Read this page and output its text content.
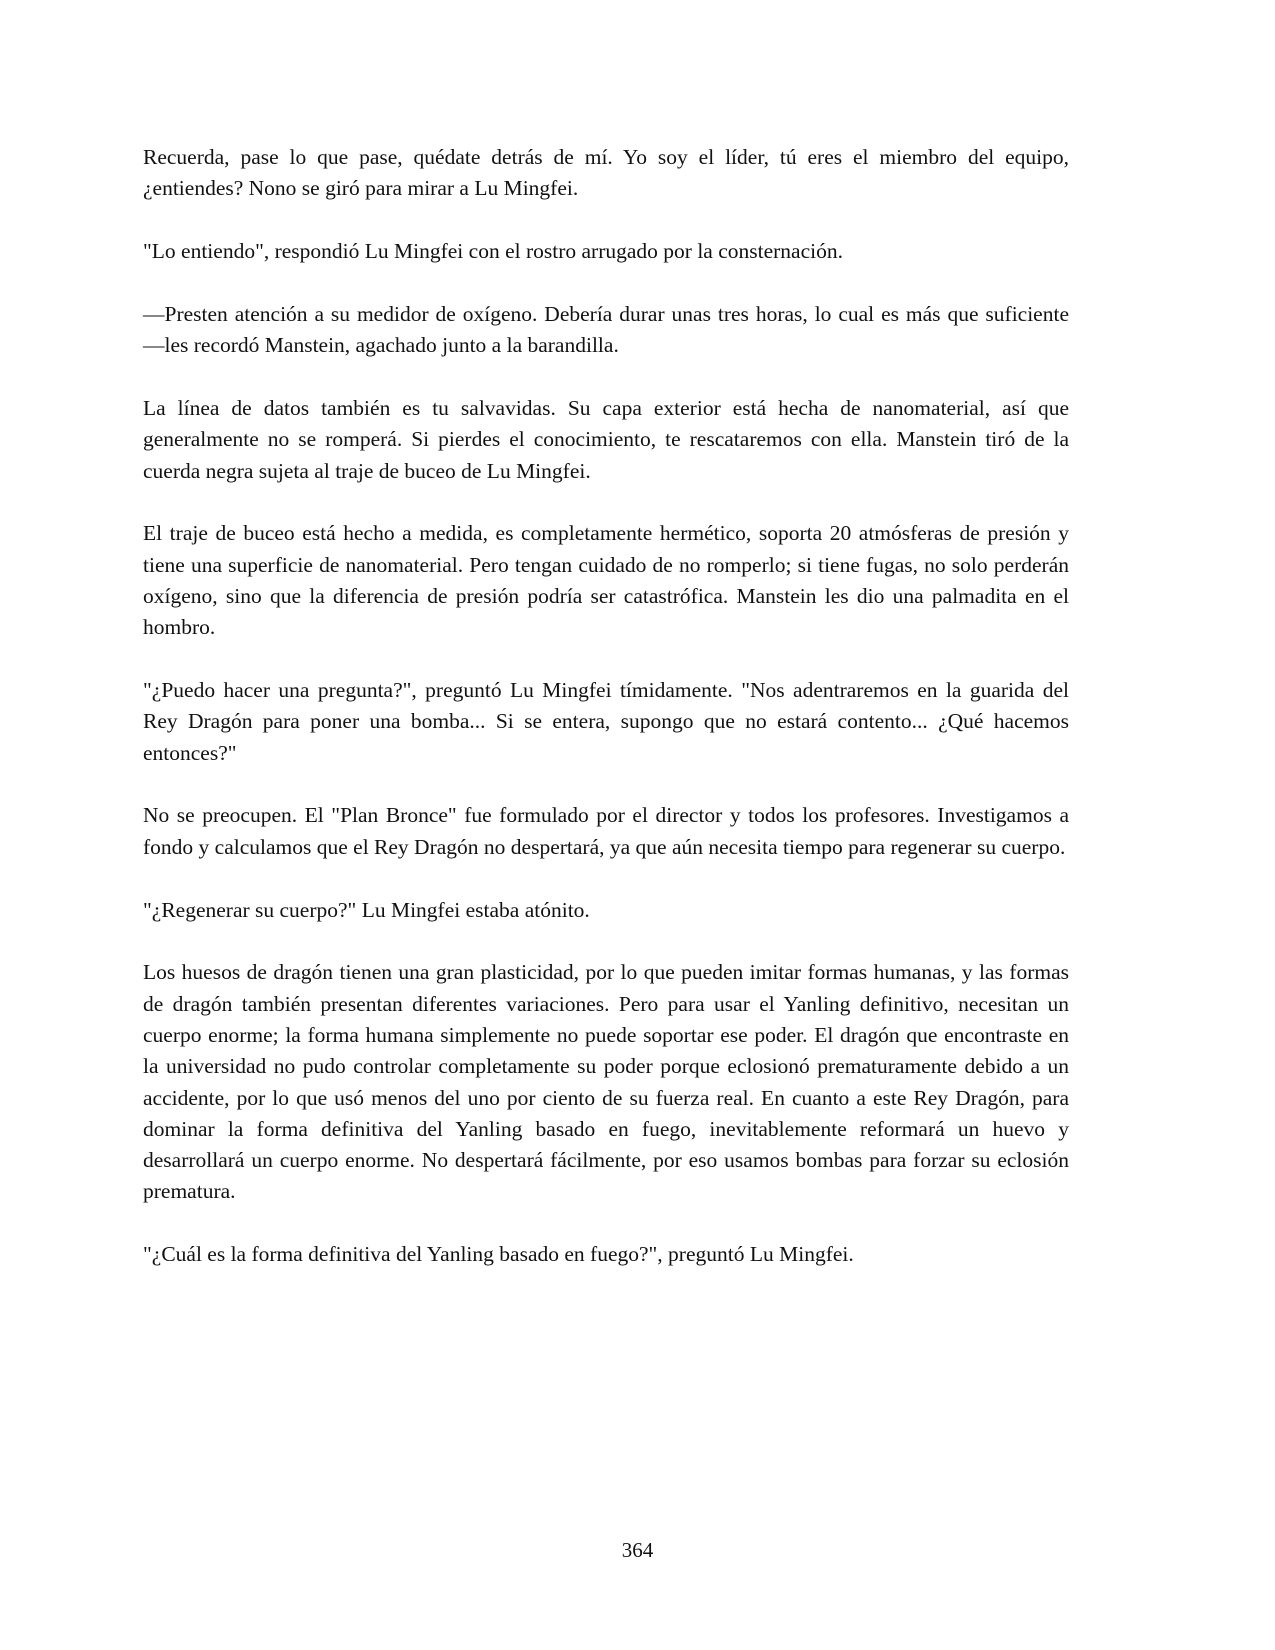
Recuerda, pase lo que pase, quédate detrás de mí. Yo soy el líder, tú eres el miembro del equipo, ¿entiendes? Nono se giró para mirar a Lu Mingfei.

"Lo entiendo", respondió Lu Mingfei con el rostro arrugado por la consternación.

—Presten atención a su medidor de oxígeno. Debería durar unas tres horas, lo cual es más que suficiente —les recordó Manstein, agachado junto a la barandilla.

La línea de datos también es tu salvavidas. Su capa exterior está hecha de nanomaterial, así que generalmente no se romperá. Si pierdes el conocimiento, te rescataremos con ella. Manstein tiró de la cuerda negra sujeta al traje de buceo de Lu Mingfei.

El traje de buceo está hecho a medida, es completamente hermético, soporta 20 atmósferas de presión y tiene una superficie de nanomaterial. Pero tengan cuidado de no romperlo; si tiene fugas, no solo perderán oxígeno, sino que la diferencia de presión podría ser catastrófica. Manstein les dio una palmadita en el hombro.

"¿Puedo hacer una pregunta?", preguntó Lu Mingfei tímidamente. "Nos adentraremos en la guarida del Rey Dragón para poner una bomba... Si se entera, supongo que no estará contento... ¿Qué hacemos entonces?"

No se preocupen. El "Plan Bronce" fue formulado por el director y todos los profesores. Investigamos a fondo y calculamos que el Rey Dragón no despertará, ya que aún necesita tiempo para regenerar su cuerpo.

"¿Regenerar su cuerpo?" Lu Mingfei estaba atónito.

Los huesos de dragón tienen una gran plasticidad, por lo que pueden imitar formas humanas, y las formas de dragón también presentan diferentes variaciones. Pero para usar el Yanling definitivo, necesitan un cuerpo enorme; la forma humana simplemente no puede soportar ese poder. El dragón que encontraste en la universidad no pudo controlar completamente su poder porque eclosionó prematuramente debido a un accidente, por lo que usó menos del uno por ciento de su fuerza real. En cuanto a este Rey Dragón, para dominar la forma definitiva del Yanling basado en fuego, inevitablemente reformará un huevo y desarrollará un cuerpo enorme. No despertará fácilmente, por eso usamos bombas para forzar su eclosión prematura.

"¿Cuál es la forma definitiva del Yanling basado en fuego?", preguntó Lu Mingfei.

364
